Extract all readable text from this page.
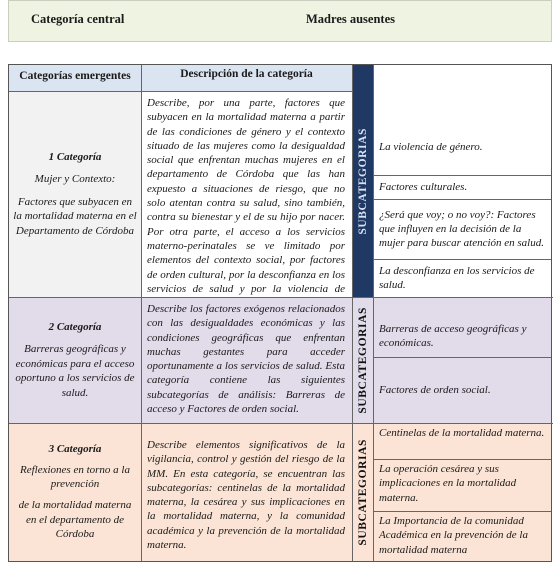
Categoría central	Madres ausentes
Categorías emergentes	Descripción de la categoría
SUBCATEGORIAS
SUBCATEGORIAS
SUBCATEGORIAS

1 Categoría

Mujer y Contexto:

Factores que subyacen en la mortalidad materna en el Departamento de Córdoba

Describe, por una parte, factores que subyacen en la mortalidad materna a partir de las condiciones de género y el contexto situado de las mujeres como la desigualdad social que enfrentan muchas mujeres en el departamento de Córdoba que las han expuesto a situaciones de riesgo, que no solo atentan contra su salud, sino también, contra su bienestar y el de su hijo por nacer. Por otra parte, el acceso a los servicios materno-perinatales se ve limitado por elementos del contexto social, por factores de orden cultural, por la desconfianza en los servicios de salud y por la violencia de
La violencia de género.
Factores culturales.
¿Será que voy; o no voy?: Factores que influyen en la decisión de la mujer para buscar atención en salud.
La desconfianza en los servicios de salud.

2 Categoría

Barreras geográficas y económicas para el acceso oportuno a los servicios de salud.

Describe los factores exógenos relacionados con las desigualdades económicas y las condiciones geográficas que enfrentan muchas gestantes para acceder oportunamente a los servicios de salud. Esta categoría contiene las siguientes subcategorías de análisis: Barreras de acceso y Factores de orden social.
Barreras de acceso geográficas y económicas.
Factores de orden social.

3 Categoría

Reflexiones en torno a la prevención

de la mortalidad materna en el departamento de Córdoba

Describe elementos significativos de la vigilancia, control y gestión del riesgo de la MM. En esta categoría, se encuentran las subcategorías: centinelas de la mortalidad materna, la cesárea y sus implicaciones en la mortalidad materna, y la comunidad académica y la prevención de la mortalidad materna.
Centinelas de la mortalidad materna.
La operación cesárea y sus implicaciones en la mortalidad materna.
La Importancia de la comunidad Académica en la prevención de la mortalidad materna
